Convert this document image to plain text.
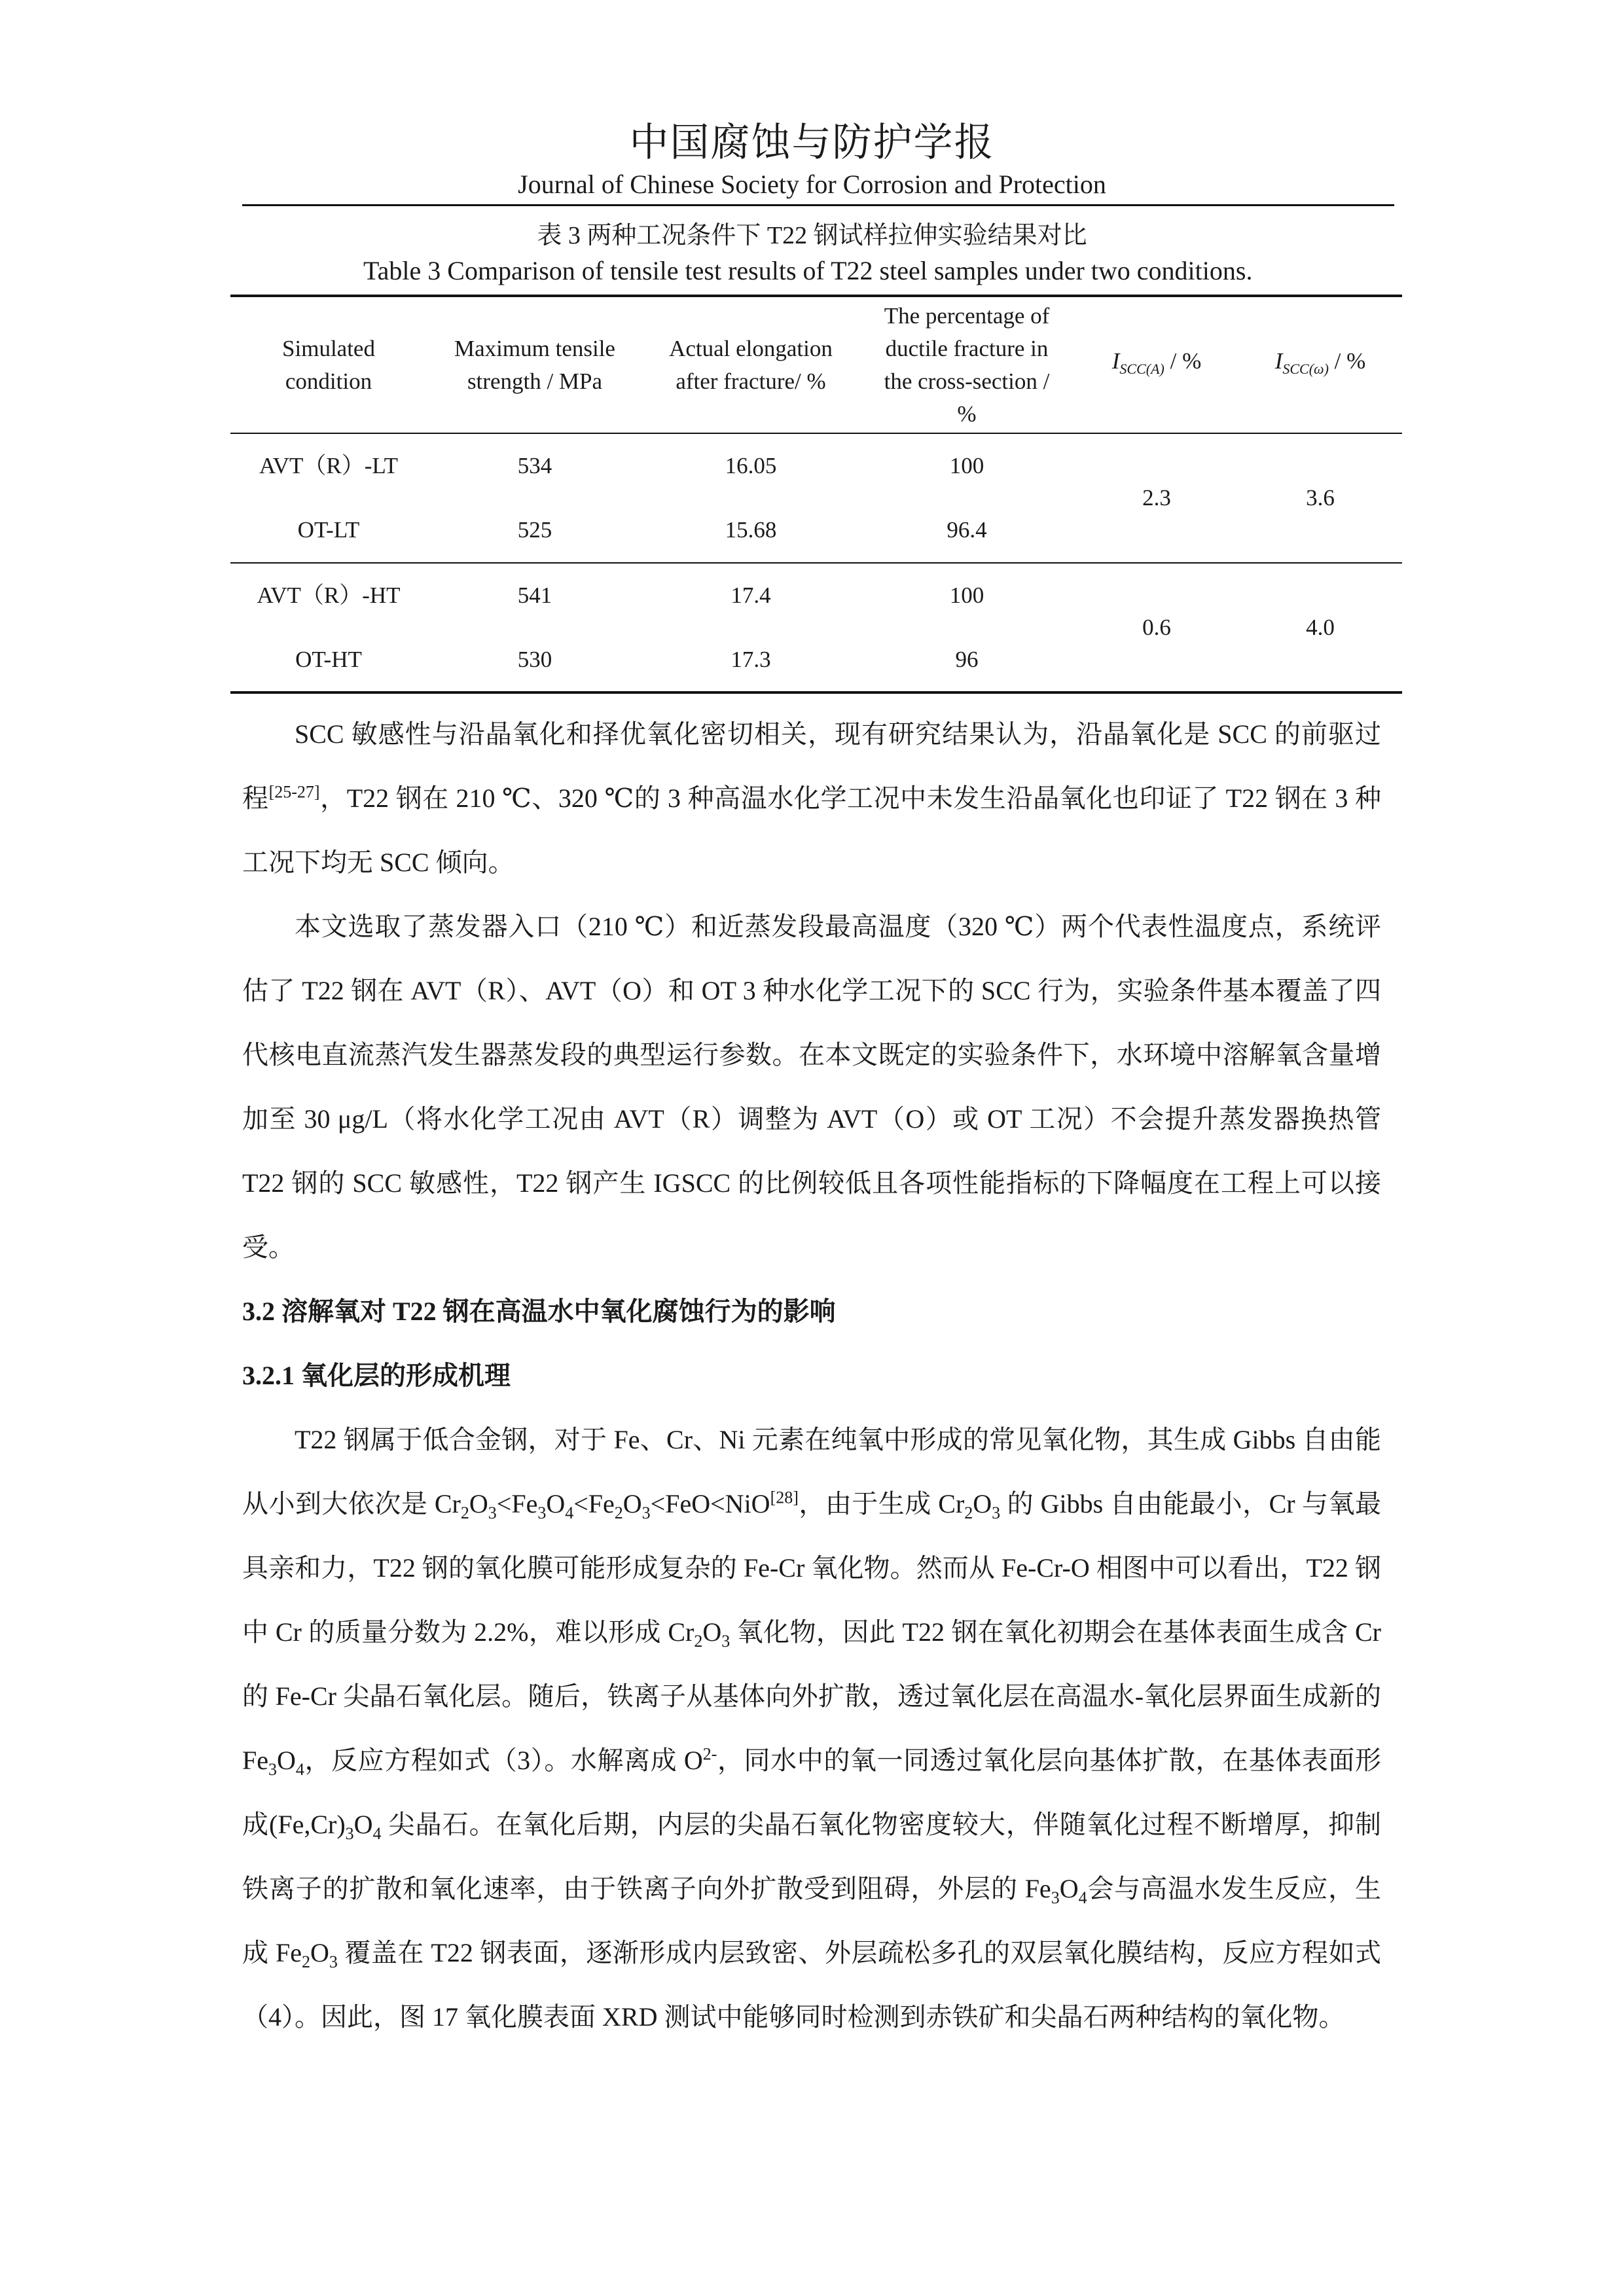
中国腐蚀与防护学报
Journal of Chinese Society for Corrosion and Protection
表 3 两种工况条件下 T22 钢试样拉伸实验结果对比
Table 3 Comparison of tensile test results of T22 steel samples under two conditions.
Simulated condition	Maximum tensile strength / MPa	Actual elongation after fracture/ %	The percentage of ductile fracture in the cross-section / %	$I_{SCC(A)}$ / %	$I_{SCC(\omega)}$ / %
AVT（R）-LT	534	16.05	100	2.3	3.6
OT-LT	525	15.68	96.4		
AVT（R）-HT	541	17.4	100	0.6	4.0
OT-HT	530	17.3	96		

SCC 敏感性与沿晶氧化和择优氧化密切相关，现有研究结果认为，沿晶氧化是 SCC 的前驱过程[25-27]，T22 钢在 210 ℃、320 ℃的 3 种高温水化学工况中未发生沿晶氧化也印证了 T22 钢在 3 种工况下均无 SCC 倾向。

本文选取了蒸发器入口（210 ℃）和近蒸发段最高温度（320 ℃）两个代表性温度点，系统评估了 T22 钢在 AVT（R）、AVT（O）和 OT 3 种水化学工况下的 SCC 行为，实验条件基本覆盖了四代核电直流蒸汽发生器蒸发段的典型运行参数。在本文既定的实验条件下，水环境中溶解氧含量增加至 30 μg/L（将水化学工况由 AVT（R）调整为 AVT（O）或 OT 工况）不会提升蒸发器换热管 T22 钢的 SCC 敏感性，T22 钢产生 IGSCC 的比例较低且各项性能指标的下降幅度在工程上可以接受。

3.2 溶解氧对 T22 钢在高温水中氧化腐蚀行为的影响
3.2.1 氧化层的形成机理

T22 钢属于低合金钢，对于 Fe、Cr、Ni 元素在纯氧中形成的常见氧化物，其生成 Gibbs 自由能从小到大依次是 $Cr_2O_3<Fe_3O_4<Fe_2O_3<FeO<NiO[28]$，由于生成 $Cr_2O_3$ 的 Gibbs 自由能最小，Cr 与氧最具亲和力，T22 钢的氧化膜可能形成复杂的 Fe-Cr 氧化物。然而从 Fe-Cr-O 相图中可以看出，T22 钢中 Cr 的质量分数为 2.2%，难以形成 $Cr_2O_3$ 氧化物，因此 T22 钢在氧化初期会在基体表面生成含 Cr 的 Fe-Cr 尖晶石氧化层。随后，铁离子从基体向外扩散，透过氧化层在高温水-氧化层界面生成新的 $Fe_3O_4$，反应方程如式（3）。水解离成 $O^{2-}$，同水中的氧一同透过氧化层向基体扩散，在基体表面形成$(Fe,Cr)_3O_4$ 尖晶石。在氧化后期，内层的尖晶石氧化物密度较大，伴随氧化过程不断增厚，抑制铁离子的扩散和氧化速率，由于铁离子向外扩散受到阻碍，外层的 $Fe_3O_4$会与高温水发生反应，生成 $Fe_2O_3$ 覆盖在 T22 钢表面，逐渐形成内层致密、外层疏松多孔的双层氧化膜结构，反应方程如式（4）。因此，图 17 氧化膜表面 XRD 测试中能够同时检测到赤铁矿和尖晶石两种结构的氧化物。
